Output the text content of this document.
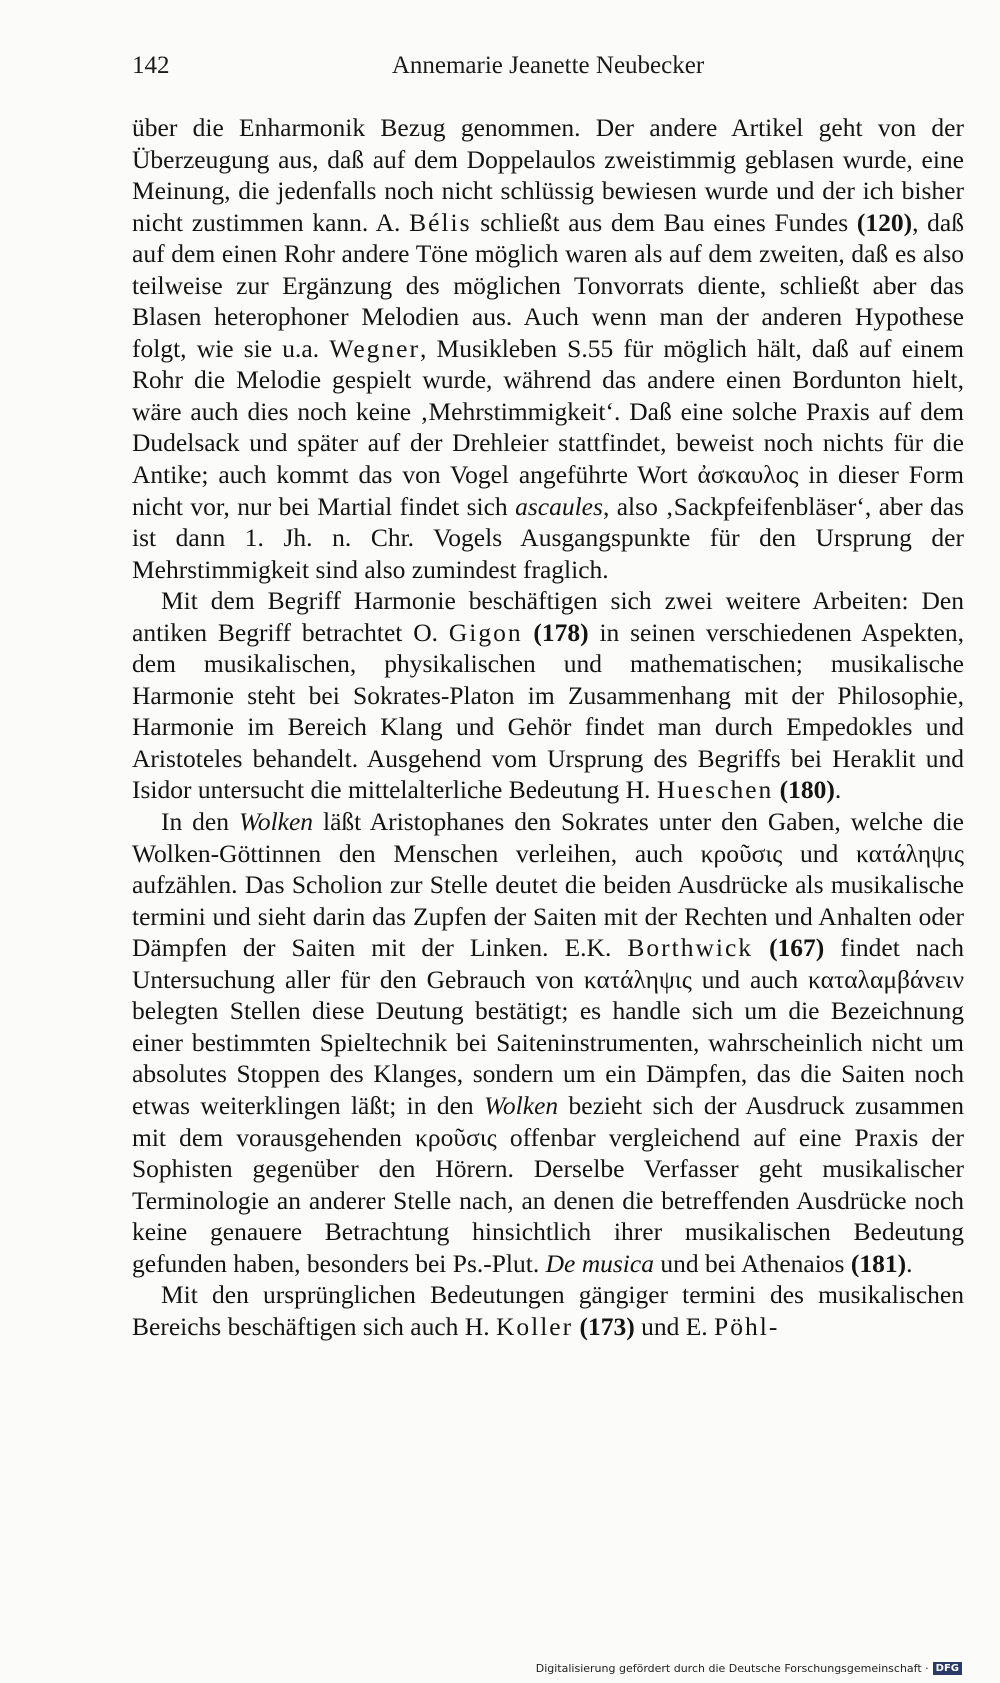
142	Annemarie Jeanette Neubecker

über die Enharmonik Bezug genommen. Der andere Artikel geht von der Überzeugung aus, daß auf dem Doppelaulos zweistimmig geblasen wurde, eine Meinung, die jedenfalls noch nicht schlüssig bewiesen wurde und der ich bisher nicht zustimmen kann. A. Bélis schließt aus dem Bau eines Fundes (120), daß auf dem einen Rohr andere Töne möglich waren als auf dem zweiten, daß es also teilweise zur Ergänzung des möglichen Tonvorrats diente, schließt aber das Blasen heterophoner Melodien aus. Auch wenn man der anderen Hypothese folgt, wie sie u.a. Wegner, Musikleben S.55 für möglich hält, daß auf einem Rohr die Melodie gespielt wurde, während das andere einen Bordunton hielt, wäre auch dies noch keine ‚Mehrstimmigkeit‘. Daß eine solche Praxis auf dem Dudelsack und später auf der Drehleier stattfindet, beweist noch nichts für die Antike; auch kommt das von Vogel angeführte Wort ἀσκαυλος in dieser Form nicht vor, nur bei Martial findet sich ascaules, also ‚Sackpfeifenbläser‘, aber das ist dann 1. Jh. n. Chr. Vogels Ausgangspunkte für den Ursprung der Mehrstimmigkeit sind also zumindest fraglich.

Mit dem Begriff Harmonie beschäftigen sich zwei weitere Arbeiten: Den antiken Begriff betrachtet O. Gigon (178) in seinen verschiedenen Aspekten, dem musikalischen, physikalischen und mathematischen; musikalische Harmonie steht bei Sokrates-Platon im Zusammenhang mit der Philosophie, Harmonie im Bereich Klang und Gehör findet man durch Empedokles und Aristoteles behandelt. Ausgehend vom Ursprung des Begriffs bei Heraklit und Isidor untersucht die mittelalterliche Bedeutung H. Hueschen (180).

In den Wolken läßt Aristophanes den Sokrates unter den Gaben, welche die Wolken-Göttinnen den Menschen verleihen, auch κροῦσις und κατάληψις aufzählen. Das Scholion zur Stelle deutet die beiden Ausdrücke als musikalische termini und sieht darin das Zupfen der Saiten mit der Rechten und Anhalten oder Dämpfen der Saiten mit der Linken. E.K. Borthwick (167) findet nach Untersuchung aller für den Gebrauch von κατάληψις und auch καταλαμβάνειν belegten Stellen diese Deutung bestätigt; es handle sich um die Bezeichnung einer bestimmten Spieltechnik bei Saiteninstrumenten, wahrscheinlich nicht um absolutes Stoppen des Klanges, sondern um ein Dämpfen, das die Saiten noch etwas weiterklingen läßt; in den Wolken bezieht sich der Ausdruck zusammen mit dem vorausgehenden κροῦσις offenbar vergleichend auf eine Praxis der Sophisten gegenüber den Hörern. Derselbe Verfasser geht musikalischer Terminologie an anderer Stelle nach, an denen die betreffenden Ausdrücke noch keine genauere Betrachtung hinsichtlich ihrer musikalischen Bedeutung gefunden haben, besonders bei Ps.-Plut. De musica und bei Athenaios (181).

Mit den ursprünglichen Bedeutungen gängiger termini des musikalischen Bereichs beschäftigen sich auch H. Koller (173) und E. Pöhl-

Digitalisierung gefördert durch die Deutsche Forschungsgemeinschaft · DFG
